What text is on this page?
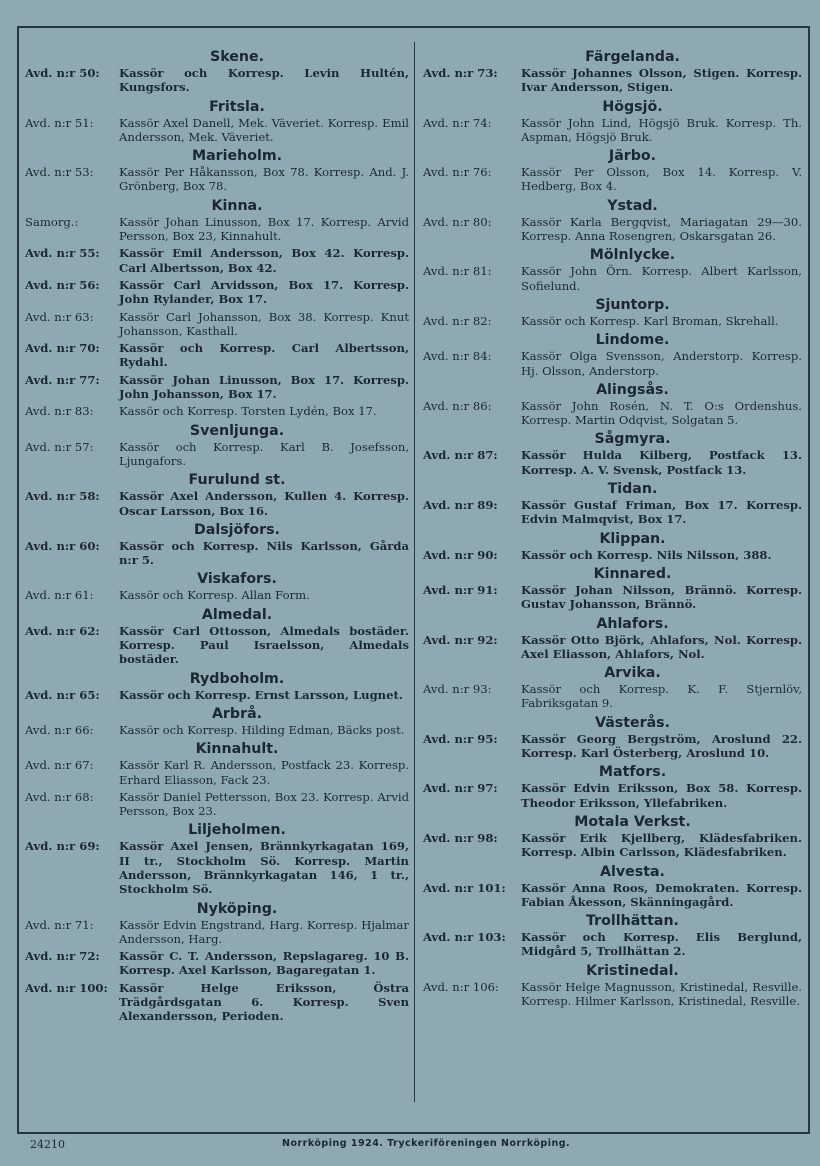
Skene.
Avd. n:r 50:	Kassör och Korresp. Levin Hultén, Kungsfors.
Fritsla.
Avd. n:r 51:	Kassör Axel Danell, Mek. Väveriet. Korresp. Emil Andersson, Mek. Väveriet.
Marieholm.
Avd. n:r 53:	Kassör Per Håkansson, Box 78. Korresp. And. J. Grönberg, Box 78.
Kinna.
Samorg.:	Kassör Johan Linusson, Box 17. Korresp. Arvid Persson, Box 23, Kinnahult.
Avd. n:r 55:	Kassör Emil Andersson, Box 42. Korresp. Carl Albertsson, Box 42.
Avd. n:r 56:	Kassör Carl Arvidsson, Box 17. Korresp. John Rylander, Box 17.
Avd. n:r 63:	Kassör Carl Johansson, Box 38. Korresp. Knut Johansson, Kasthall.
Avd. n:r 70:	Kassör och Korresp. Carl Albertsson, Rydahl.
Avd. n:r 77:	Kassör Johan Linusson, Box 17. Korresp. John Johansson, Box 17.
Avd. n:r 83:	Kassör och Korresp. Torsten Lydén, Box 17.
Svenljunga.
Avd. n:r 57:	Kassör och Korresp. Karl B. Josefsson, Ljungafors.
Furulund st.
Avd. n:r 58:	Kassör Axel Andersson, Kullen 4. Korresp. Oscar Larsson, Box 16.
Dalsjöfors.
Avd. n:r 60:	Kassör och Korresp. Nils Karlsson, Gårda n:r 5.
Viskafors.
Avd. n:r 61:	Kassör och Korresp. Allan Form.
Almedal.
Avd. n:r 62:	Kassör Carl Ottosson, Almedals bostäder. Korresp. Paul Israelsson, Almedals bostäder.
Rydboholm.
Avd. n:r 65:	Kassör och Korresp. Ernst Larsson, Lugnet.
Arbrå.
Avd. n:r 66:	Kassör och Korresp. Hilding Edman, Bäcks post.
Kinnahult.
Avd. n:r 67:	Kassör Karl R. Andersson, Postfack 23. Korresp. Erhard Eliasson, Fack 23.
Avd. n:r 68:	Kassör Daniel Pettersson, Box 23. Korresp. Arvid Persson, Box 23.
Liljeholmen.
Avd. n:r 69:	Kassör Axel Jensen, Brännkyrkagatan 169, II tr., Stockholm Sö. Korresp. Martin Andersson, Brännkyrkagatan 146, 1 tr., Stockholm Sö.
Nyköping.
Avd. n:r 71:	Kassör Edvin Engstrand, Harg. Korresp. Hjalmar Andersson, Harg.
Avd. n:r 72:	Kassör C. T. Andersson, Repslagareg. 10 B. Korresp. Axel Karlsson, Bagaregatan 1.
Avd. n:r 100: Kassör Helge Eriksson, Östra Trädgårdsgatan 6. Korresp. Sven Alexandersson, Perioden.
Färgelanda.
Avd. n:r 73:	Kassör Johannes Olsson, Stigen. Korresp. Ivar Andersson, Stigen.
Högsjö.
Avd. n:r 74:	Kassör John Lind, Högsjö Bruk. Korresp. Th. Aspman, Högsjö Bruk.
Järbo.
Avd. n:r 76:	Kassör Per Olsson, Box 14. Korresp. V. Hedberg, Box 4.
Ystad.
Avd. n:r 80:	Kassör Karla Bergqvist, Mariagatan 29—30. Korresp. Anna Rosengren, Oskarsgatan 26.
Mölnlycke.
Avd. n:r 81:	Kassör John Örn. Korresp. Albert Karlsson, Sofielund.
Sjuntorp.
Avd. n:r 82:	Kassör och Korresp. Karl Broman, Skrehall.
Lindome.
Avd. n:r 84:	Kassör Olga Svensson, Anderstorp. Korresp. Hj. Olsson, Anderstorp.
Alingsås.
Avd. n:r 86:	Kassör John Rosén, N. T. O:s Ordenshus. Korresp. Martin Odqvist, Solgatan 5.
Sågmyra.
Avd. n:r 87:	Kassör Hulda Kilberg, Postfack 13. Korresp. A. V. Svensk, Postfack 13.
Tidan.
Avd. n:r 89:	Kassör Gustaf Friman, Box 17. Korresp. Edvin Malmqvist, Box 17.
Klippan.
Avd. n:r 90:	Kassör och Korresp. Nils Nilsson, 388.
Kinnared.
Avd. n:r 91:	Kassör Johan Nilsson, Brännö. Korresp. Gustav Johansson, Brännö.
Ahlafors.
Avd. n:r 92:	Kassör Otto Björk, Ahlafors, Nol. Korresp. Axel Eliasson, Ahlafors, Nol.
Arvika.
Avd. n:r 93:	Kassör och Korresp. K. F. Stjernlöv, Fabriksgatan 9.
Västerås.
Avd. n:r 95:	Kassör Georg Bergström, Aroslund 22. Korresp. Karl Österberg, Aroslund 10.
Matfors.
Avd. n:r 97:	Kassör Edvin Eriksson, Box 58. Korresp. Theodor Eriksson, Yllefabriken.
Motala Verkst.
Avd. n:r 98:	Kassör Erik Kjellberg, Klädesfabriken. Korresp. Albin Carlsson, Klädesfabriken.
Alvesta.
Avd. n:r 101:	Kassör Anna Roos, Demokraten. Korresp. Fabian Åkesson, Skänningagård.
Trollhättan.
Avd. n:r 103:	Kassör och Korresp. Elis Berglund, Midgård 5, Trollhättan 2.
Kristinedal.
Avd. n:r 106:	Kassör Helge Magnusson, Kristinedal, Resville. Korresp. Hilmer Karlsson, Kristinedal, Resville.
24210	Norrköping 1924. Tryckeriföreningen Norrköping.
